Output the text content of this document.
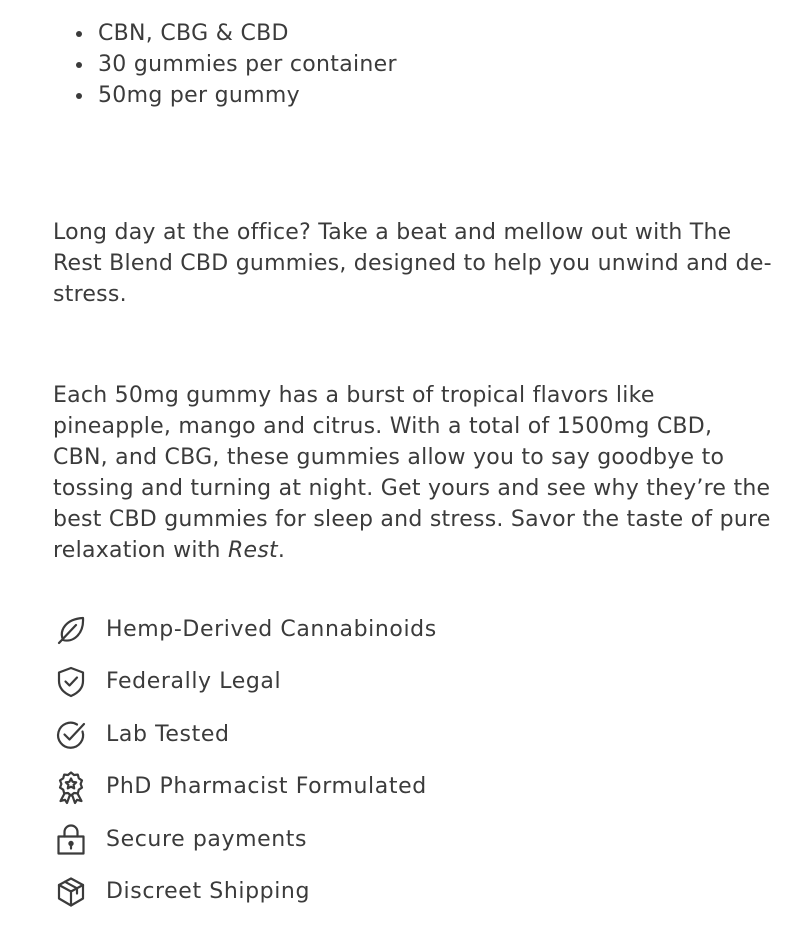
CBN, CBG & CBD
30 gummies per container
50mg per gummy

Long day at the office? Take a beat and mellow out with The Rest Blend CBD gummies, designed to help you unwind and de-stress.

Each 50mg gummy has a burst of tropical flavors like pineapple, mango and citrus. With a total of 1500mg CBD, CBN, and CBG, these gummies allow you to say goodbye to tossing and turning at night. Get yours and see why they’re the best CBD gummies for sleep and stress. Savor the taste of pure relaxation with Rest.

Hemp-Derived Cannabinoids
Federally Legal
Lab Tested
PhD Pharmacist Formulated
Secure payments
Discreet Shipping
